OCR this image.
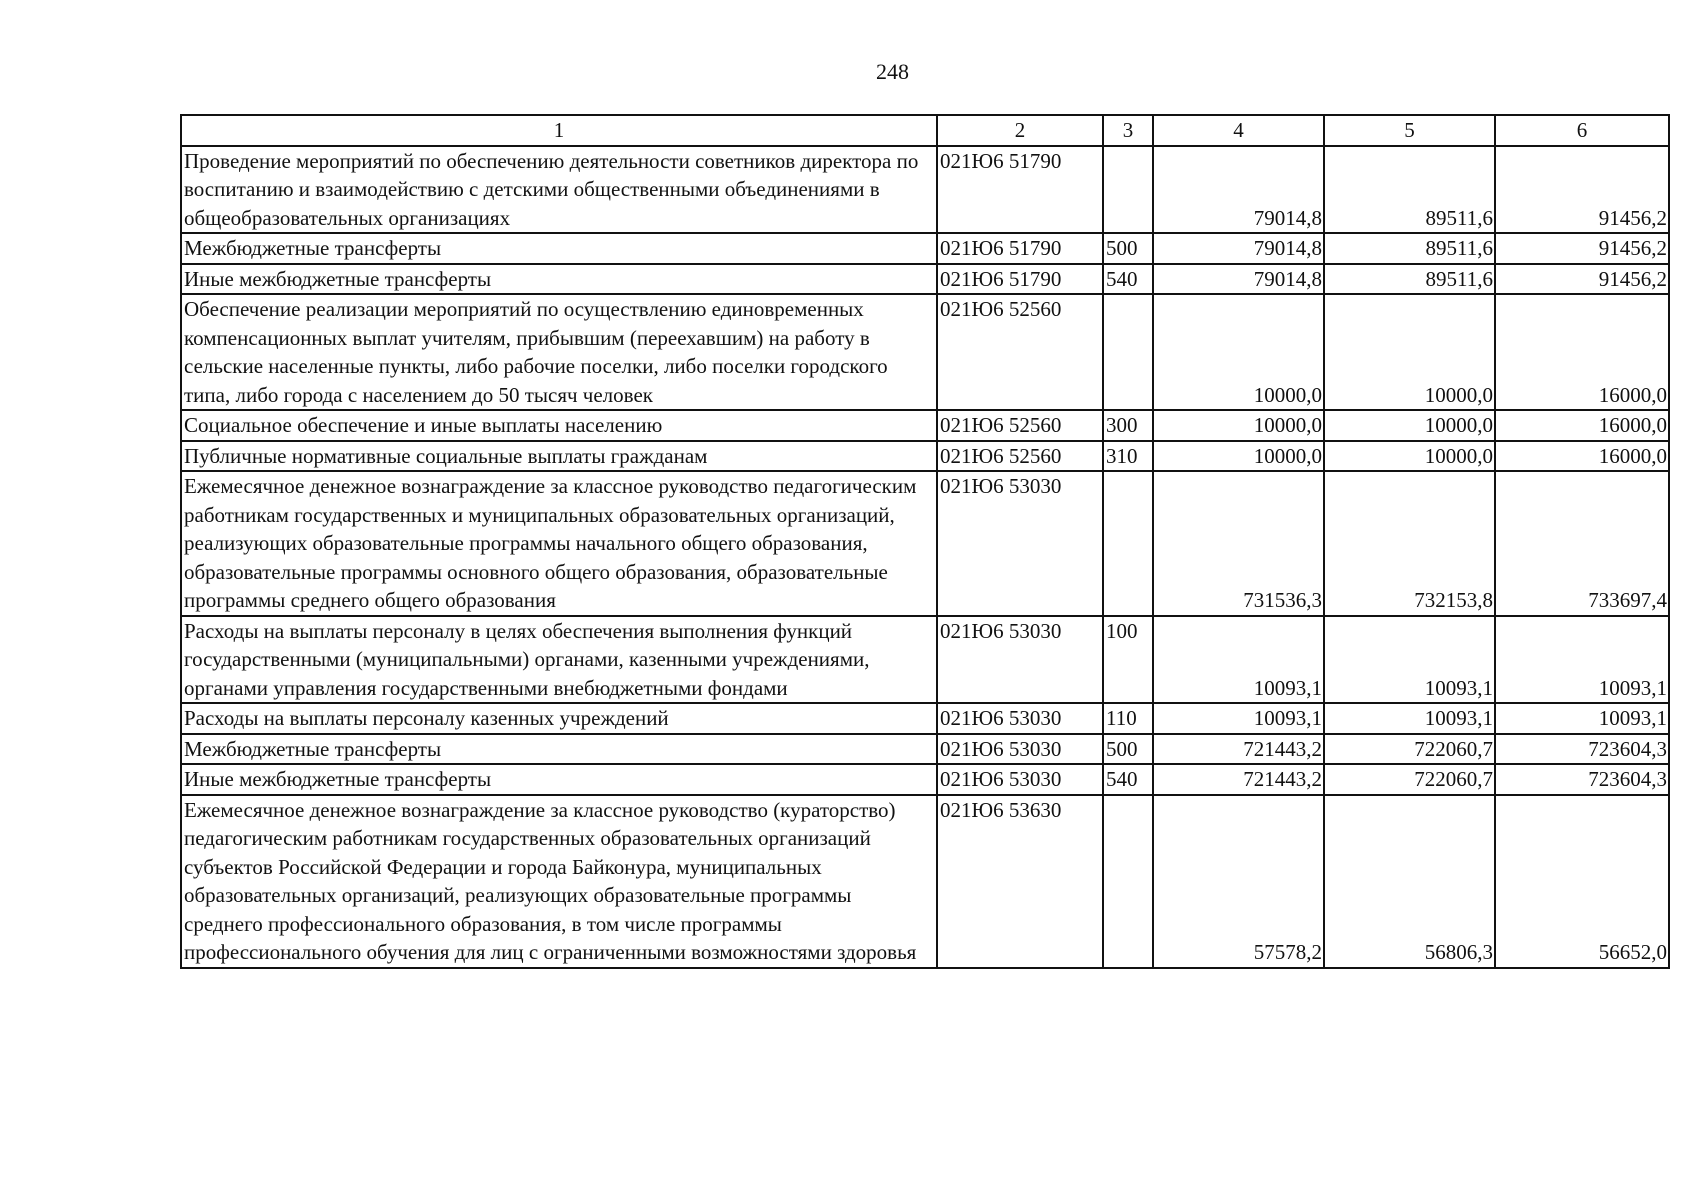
248
1	2	3	4	5	6
Проведение мероприятий по обеспечению деятельности советников директора по воспитанию и взаимодействию с детскими общественными объединениями в общеобразовательных организациях	021Ю6 51790		79014,8	89511,6	91456,2
Межбюджетные трансферты	021Ю6 51790	500	79014,8	89511,6	91456,2
Иные межбюджетные трансферты	021Ю6 51790	540	79014,8	89511,6	91456,2
Обеспечение реализации мероприятий по осуществлению единовременных компенсационных выплат учителям, прибывшим (переехавшим) на работу в сельские населенные пункты, либо рабочие поселки, либо поселки городского типа, либо города с населением до 50 тысяч человек	021Ю6 52560		10000,0	10000,0	16000,0
Социальное обеспечение и иные выплаты населению	021Ю6 52560	300	10000,0	10000,0	16000,0
Публичные нормативные социальные выплаты гражданам	021Ю6 52560	310	10000,0	10000,0	16000,0
Ежемесячное денежное вознаграждение за классное руководство педагогическим работникам государственных и муниципальных образовательных организаций, реализующих образовательные программы начального общего образования, образовательные программы основного общего образования, образовательные программы среднего общего образования	021Ю6 53030		731536,3	732153,8	733697,4
Расходы на выплаты персоналу в целях обеспечения выполнения функций государственными (муниципальными) органами, казенными учреждениями, органами управления государственными внебюджетными фондами	021Ю6 53030	100	10093,1	10093,1	10093,1
Расходы на выплаты персоналу казенных учреждений	021Ю6 53030	110	10093,1	10093,1	10093,1
Межбюджетные трансферты	021Ю6 53030	500	721443,2	722060,7	723604,3
Иные межбюджетные трансферты	021Ю6 53030	540	721443,2	722060,7	723604,3
Ежемесячное денежное вознаграждение за классное руководство (кураторство) педагогическим работникам государственных образовательных организаций субъектов Российской Федерации и города Байконура, муниципальных образовательных организаций, реализующих образовательные программы среднего профессионального образования, в том числе программы профессионального обучения для лиц с ограниченными возможностями здоровья	021Ю6 53630		57578,2	56806,3	56652,0
